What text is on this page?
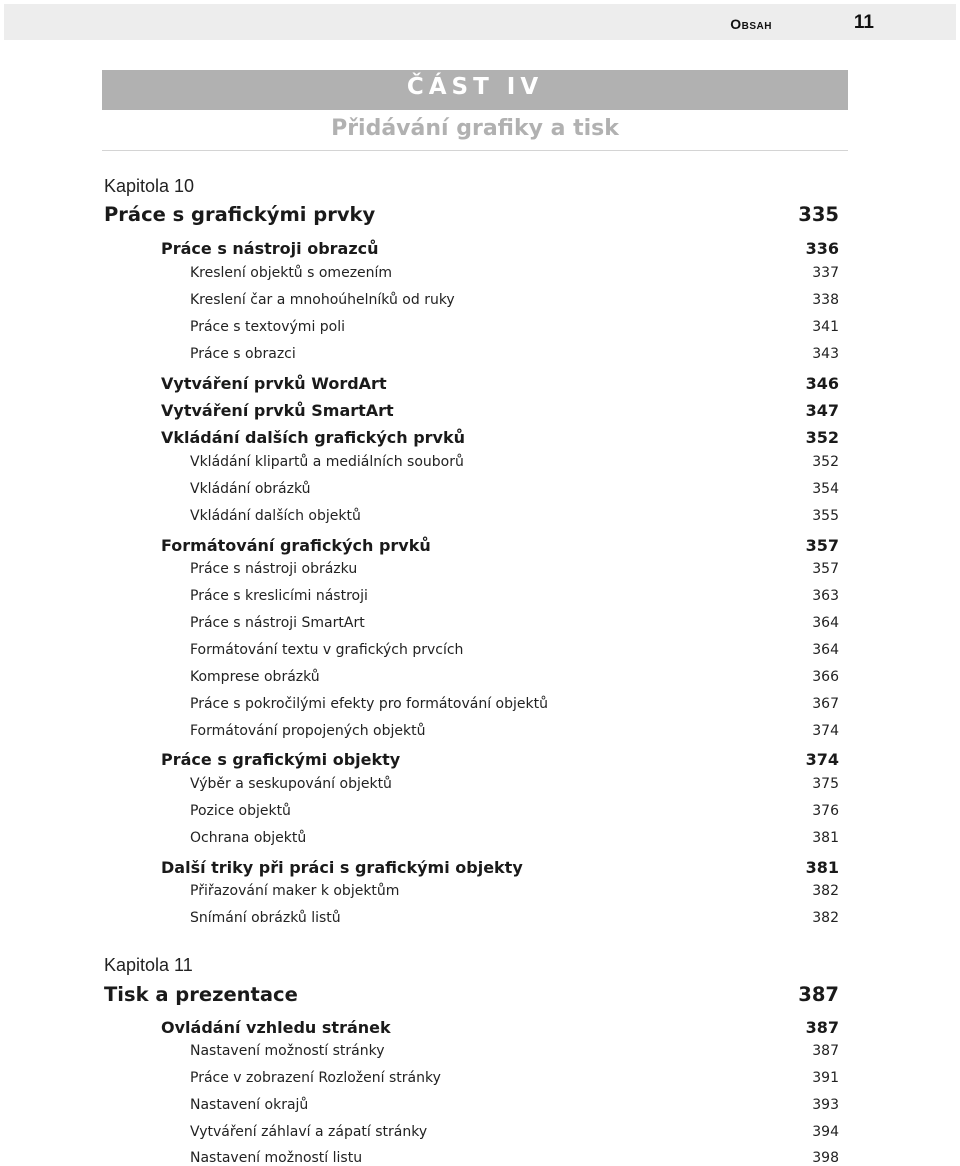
Obsah	11
ČÁST IV
Přidávání grafiky a tisk
Kapitola 10
Práce s grafickými prvky	335
Práce s nástroji obrazců	336
Kreslení objektů s omezením	337
Kreslení čar a mnohoúhelníků od ruky	338
Práce s textovými poli	341
Práce s obrazci	343
Vytváření prvků WordArt	346
Vytváření prvků SmartArt	347
Vkládání dalších grafických prvků	352
Vkládání klipartů a mediálních souborů	352
Vkládání obrázků	354
Vkládání dalších objektů	355
Formátování grafických prvků	357
Práce s nástroji obrázku	357
Práce s kreslicími nástroji	363
Práce s nástroji SmartArt	364
Formátování textu v grafických prvcích	364
Komprese obrázků	366
Práce s pokročilými efekty pro formátování objektů	367
Formátování propojených objektů	374
Práce s grafickými objekty	374
Výběr a seskupování objektů	375
Pozice objektů	376
Ochrana objektů	381
Další triky při práci s grafickými objekty	381
Přiřazování maker k objektům	382
Snímání obrázků listů	382
Kapitola 11
Tisk a prezentace	387
Ovládání vzhledu stránek	387
Nastavení možností stránky	387
Práce v zobrazení Rozložení stránky	391
Nastavení okrajů	393
Vytváření záhlaví a zápatí stránky	394
Nastavení možností listu	398
